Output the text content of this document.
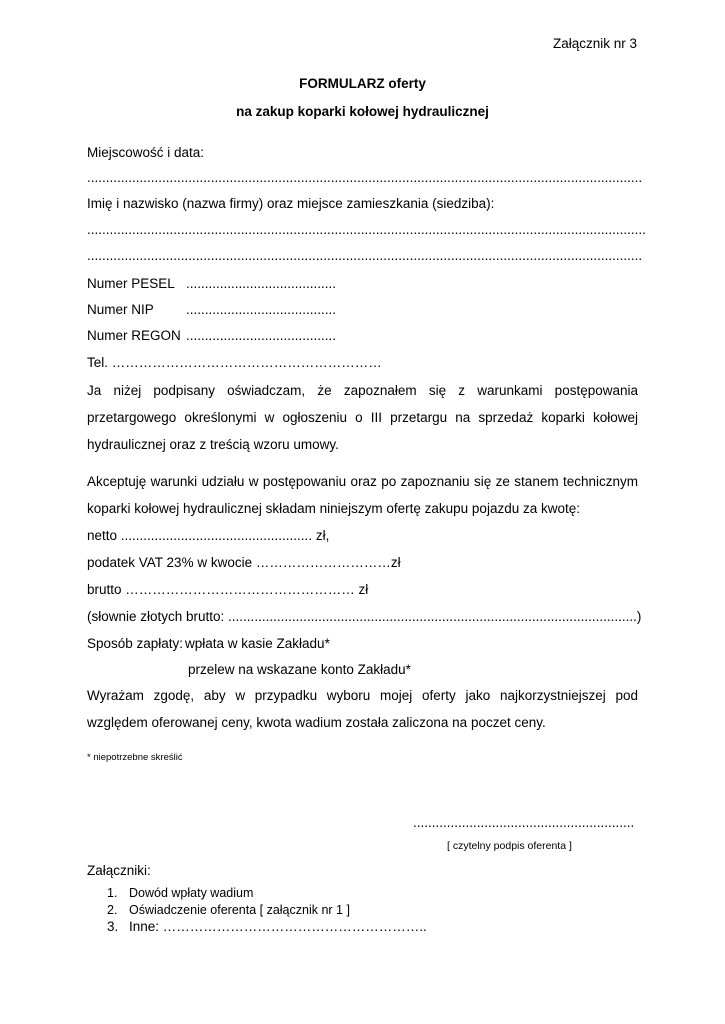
Załącznik nr 3
FORMULARZ oferty
na zakup koparki kołowej hydraulicznej
Miejscowość i data:
....................................................................................................................................................
Imię i nazwisko (nazwa firmy) oraz miejsce zamieszkania (siedziba):
.....................................................................................................................................................
....................................................................................................................................................
Numer PESEL ........................................
Numer NIP ........................................
Numer REGON ........................................
Tel. ……………………………………………………
Ja niżej podpisany oświadczam, że zapoznałem się z warunkami postępowania
przetargowego określonymi w ogłoszeniu o III przetargu na sprzedaż koparki kołowej
hydraulicznej oraz z treścią wzoru umowy.
Akceptuję warunki udziału w postępowaniu oraz po zapoznaniu się ze stanem technicznym
koparki kołowej hydraulicznej składam niniejszym ofertę zakupu pojazdu za kwotę:
netto ................................................... zł,
podatek VAT 23% w kwocie …………………………zł
brutto …………………………………………… zł
(słownie złotych brutto: .............................................................................................................)
Sposób zapłaty: wpłata w kasie Zakładu*
przelew na wskazane konto Zakładu*
Wyrażam zgodę, aby w przypadku wyboru mojej oferty jako najkorzystniejszej pod
względem oferowanej ceny, kwota wadium została zaliczona na poczet ceny.
* niepotrzebne skreślić
...........................................................
[ czytelny podpis oferenta ]
Załączniki:
1. Dowód wpłaty wadium
2. Oświadczenie oferenta [ załącznik nr 1 ]
3. Inne: …………………………………………………..
